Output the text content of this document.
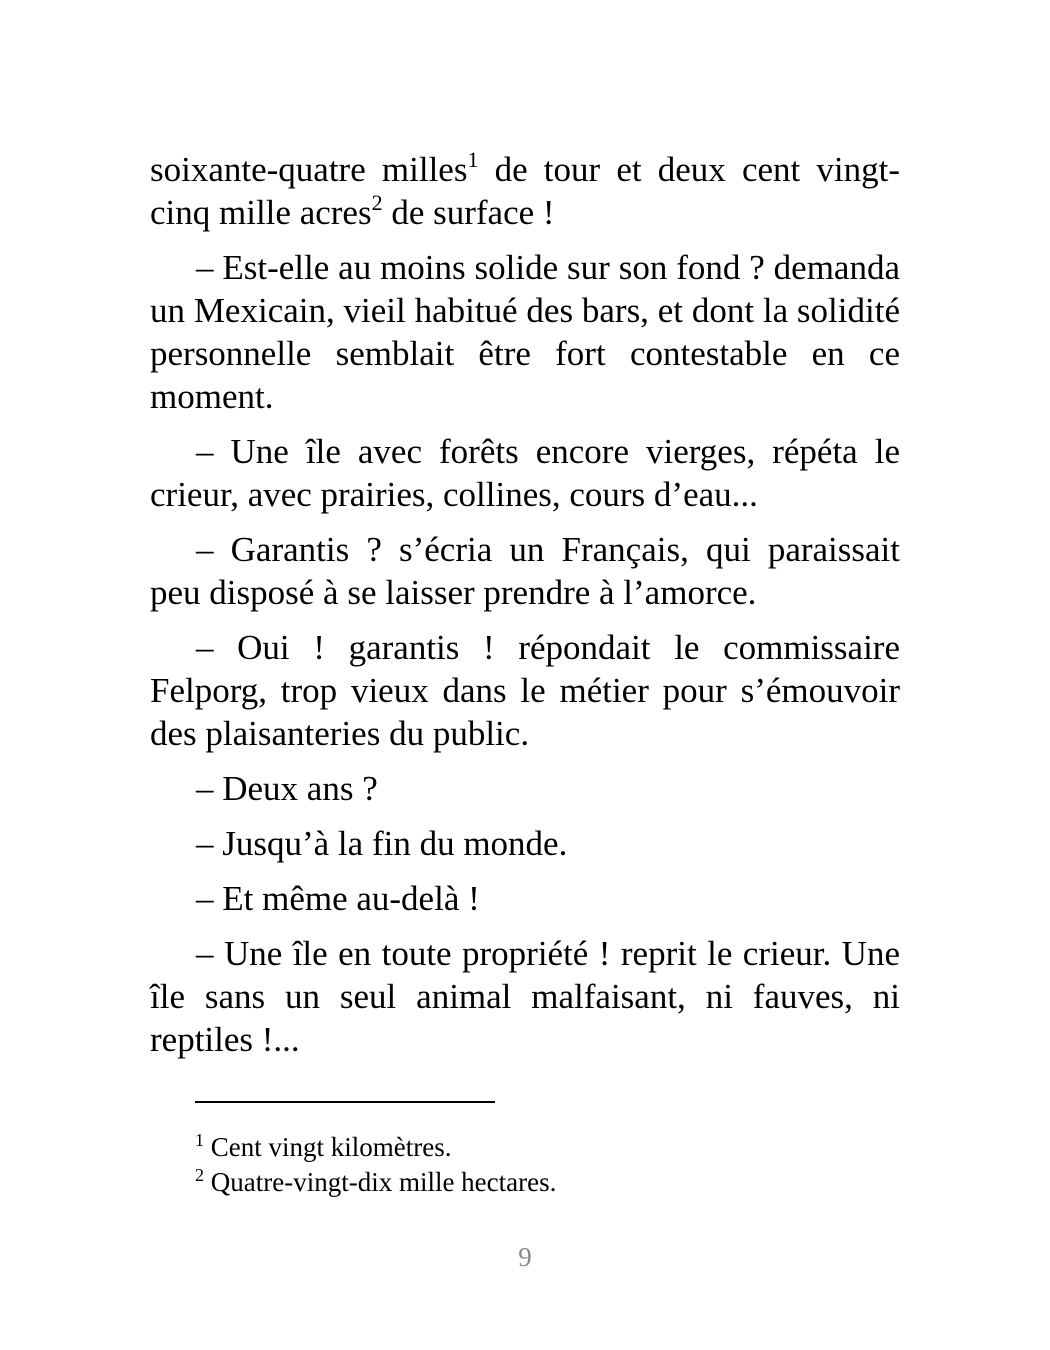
soixante-quatre milles$^1$ de tour et deux cent vingt-cinq mille acres$^2$ de surface !

– Est-elle au moins solide sur son fond ? demanda un Mexicain, vieil habitué des bars, et dont la solidité personnelle semblait être fort contestable en ce moment.

– Une île avec forêts encore vierges, répéta le crieur, avec prairies, collines, cours d’eau...

– Garantis ? s’écria un Français, qui paraissait peu disposé à se laisser prendre à l’amorce.

– Oui ! garantis ! répondait le commissaire Felporg, trop vieux dans le métier pour s’émouvoir des plaisanteries du public.

– Deux ans ?

– Jusqu’à la fin du monde.

– Et même au-delà !

– Une île en toute propriété ! reprit le crieur. Une île sans un seul animal malfaisant, ni fauves, ni reptiles !...

$^1$ Cent vingt kilomètres.
$^2$ Quatre-vingt-dix mille hectares.
9
